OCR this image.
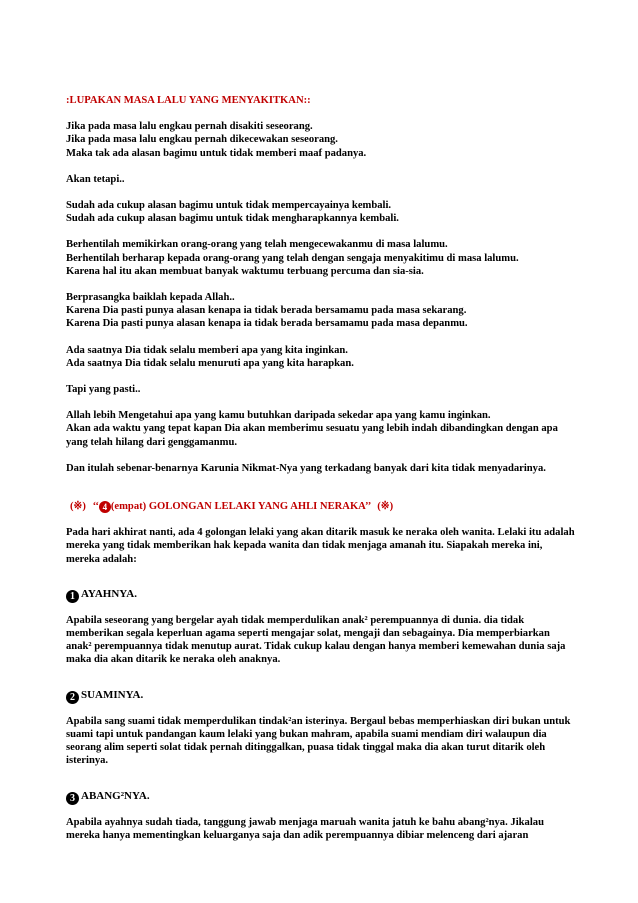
:LUPAKAN MASA LALU YANG MENYAKITKAN::
Jika pada masa lalu engkau pernah disakiti seseorang.
Jika pada masa lalu engkau pernah dikecewakan seseorang.
Maka tak ada alasan bagimu untuk tidak memberi maaf padanya.
Akan tetapi..
Sudah ada cukup alasan bagimu untuk tidak mempercayainya kembali.
Sudah ada cukup alasan bagimu untuk tidak mengharapkannya kembali.
Berhentilah memikirkan orang-orang yang telah mengecewakanmu di masa lalumu.
Berhentilah berharap kepada orang-orang yang telah dengan sengaja menyakitimu di masa lalumu.
Karena hal itu akan membuat banyak waktumu terbuang percuma dan sia-sia.
Berprasangka baiklah kepada Allah..
Karena Dia pasti punya alasan kenapa ia tidak berada bersamamu pada masa sekarang.
Karena Dia pasti punya alasan kenapa ia tidak berada bersamamu pada masa depanmu.
Ada saatnya Dia tidak selalu memberi apa yang kita inginkan.
Ada saatnya Dia tidak selalu menuruti apa yang kita harapkan.
Tapi yang pasti..
Allah lebih Mengetahui apa yang kamu butuhkan daripada sekedar apa yang kamu inginkan.
Akan ada waktu yang tepat kapan Dia akan memberimu sesuatu yang lebih indah dibandingkan dengan apa
yang telah hilang dari genggamanmu.
Dan itulah sebenar-benarnya Karunia Nikmat-Nya yang terkadang banyak dari kita tidak menyadarinya.
(※) ‘‘ 4 (empat) GOLONGAN LELAKI YANG AHLI NERAKA’’ (※)
Pada hari akhirat nanti, ada 4 golongan lelaki yang akan ditarik masuk ke neraka oleh wanita. Lelaki itu adalah mereka yang tidak memberikan hak kepada wanita dan tidak menjaga amanah itu. Siapakah mereka ini, mereka adalah:
1 AYAHNYA.
Apabila seseorang yang bergelar ayah tidak memperdulikan anak² perempuannya di dunia. dia tidak memberikan segala keperluan agama seperti mengajar solat, mengaji dan sebagainya. Dia memperbiarkan anak² perempuannya tidak menutup aurat. Tidak cukup kalau dengan hanya memberi kemewahan dunia saja maka dia akan ditarik ke neraka oleh anaknya.
2 SUAMINYA.
Apabila sang suami tidak memperdulikan tindak²an isterinya. Bergaul bebas memperhiaskan diri bukan untuk suami tapi untuk pandangan kaum lelaki yang bukan mahram, apabila suami mendiam diri walaupun dia seorang alim seperti solat tidak pernah ditinggalkan, puasa tidak tinggal maka dia akan turut ditarik oleh isterinya.
3 ABANG²NYA.
Apabila ayahnya sudah tiada, tanggung jawab menjaga maruah wanita jatuh ke bahu abang²nya. Jikalau mereka hanya mementingkan keluarganya saja dan adik perempuannya dibiar melenceng dari ajaran
